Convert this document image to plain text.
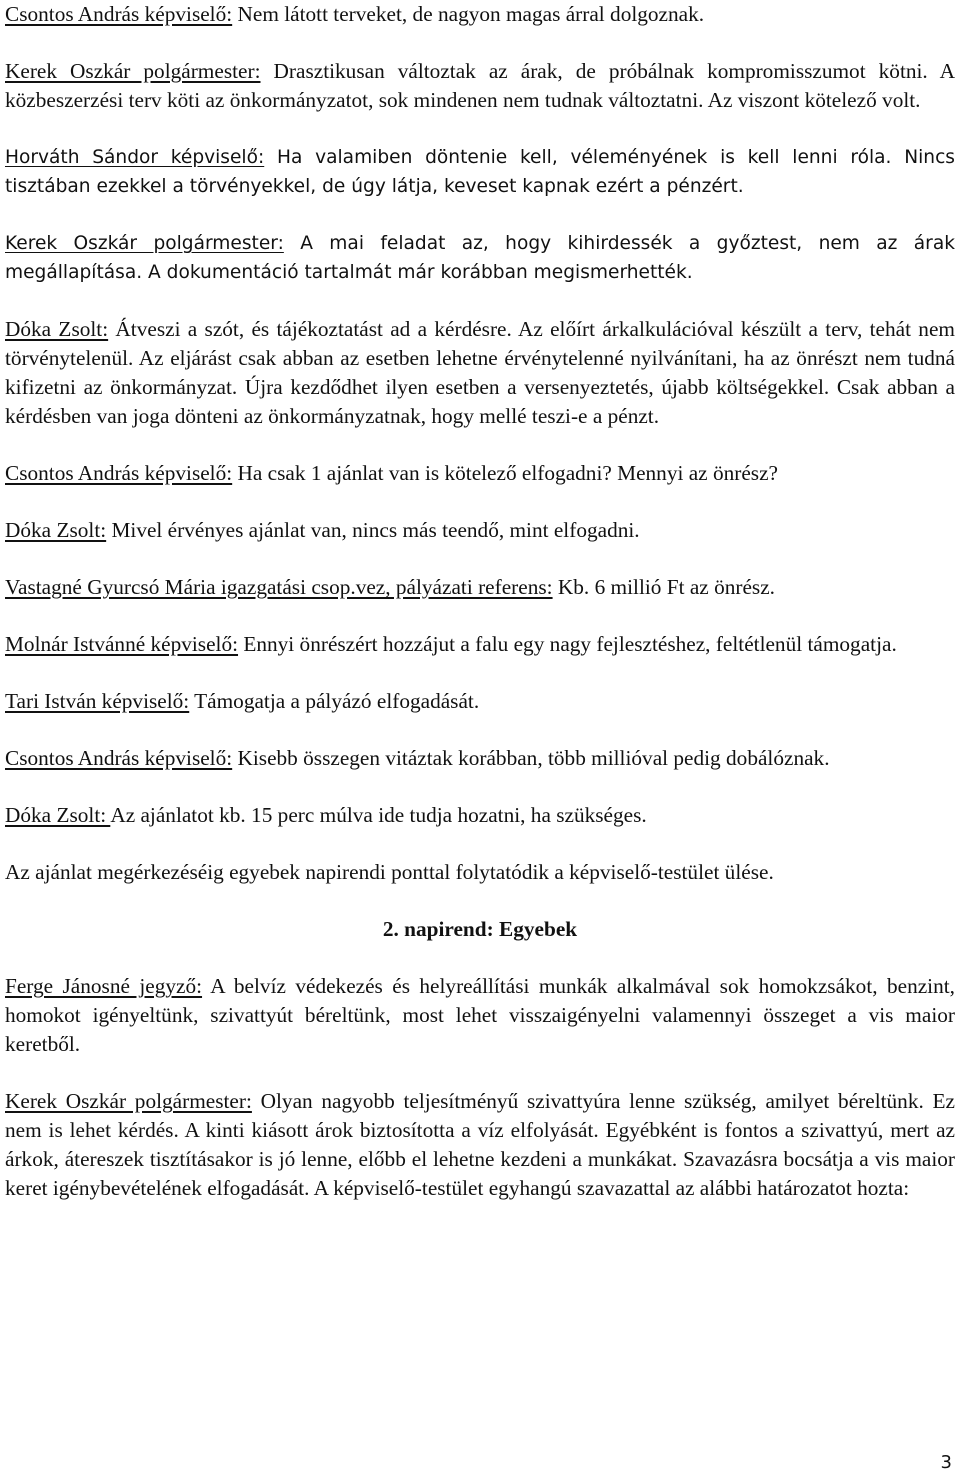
Csontos András képviselő: Nem látott terveket, de nagyon magas árral dolgoznak.
Kerek Oszkár polgármester: Drasztikusan változtak az árak, de próbálnak kompromisszumot kötni. A közbeszerzési terv köti az önkormányzatot, sok mindenen nem tudnak változtatni. Az viszont kötelező volt.
Horváth Sándor képviselő: Ha valamiben döntenie kell, véleményének is kell lenni róla. Nincs tisztában ezekkel a törvényekkel, de úgy látja, keveset kapnak ezért a pénzért.
Kerek Oszkár polgármester: A mai feladat az, hogy kihirdessék a győztest, nem az árak megállapítása. A dokumentáció tartalmát már korábban megismerhették.
Dóka Zsolt: Átveszi a szót, és tájékoztatást ad a kérdésre. Az előírt árkalkulációval készült a terv, tehát nem törvénytelenül. Az eljárást csak abban az esetben lehetne érvénytelenné nyilvánítani, ha az önrészt nem tudná kifizetni az önkormányzat. Újra kezdődhet ilyen esetben a versenyeztetés, újabb költségekkel. Csak abban a kérdésben van joga dönteni az önkormányzatnak, hogy mellé teszi-e a pénzt.
Csontos András képviselő: Ha csak 1 ajánlat van is kötelező elfogadni? Mennyi az önrész?
Dóka Zsolt: Mivel érvényes ajánlat van, nincs más teendő, mint elfogadni.
Vastagné Gyurcsó Mária igazgatási csop.vez, pályázati referens: Kb. 6 millió Ft az önrész.
Molnár Istvánné képviselő: Ennyi önrészért hozzájut a falu egy nagy fejlesztéshez, feltétlenül támogatja.
Tari István képviselő: Támogatja a pályázó elfogadását.
Csontos András képviselő: Kisebb összegen vitáztak korábban, több millióval pedig dobálóznak.
Dóka Zsolt: Az ajánlatot kb. 15 perc múlva ide tudja hozatni, ha szükséges.
Az ajánlat megérkezéséig egyebek napirendi ponttal folytatódik a képviselő-testület ülése.
2. napirend: Egyebek
Ferge Jánosné jegyző: A belvíz védekezés és helyreállítási munkák alkalmával sok homokzsákot, benzint, homokot igényeltünk, szivattyút béreltünk, most lehet visszaigényelni valamennyi összeget a vis maior keretből.
Kerek Oszkár polgármester: Olyan nagyobb teljesítményű szivattyúra lenne szükség, amilyet béreltünk. Ez nem is lehet kérdés. A kinti kiásott árok biztosította a víz elfolyását. Egyébként is fontos a szivattyú, mert az árkok, átereszek tisztításakor is jó lenne, előbb el lehetne kezdeni a munkákat. Szavazásra bocsátja a vis maior keret igénybevételének elfogadását. A képviselő-testület egyhangú szavazattal az alábbi határozatot hozta:
3
